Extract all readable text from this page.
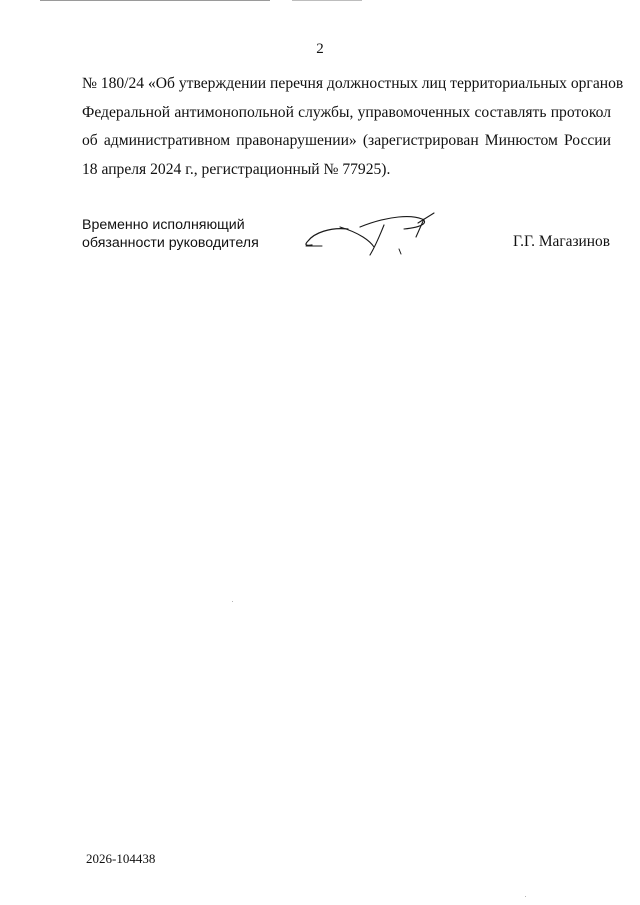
2
№ 180/24 «Об утверждении перечня должностных лиц территориальных органов
Федеральной антимонопольной службы, управомоченных составлять протокол
об административном правонарушении» (зарегистрирован Минюстом России
18 апреля 2024 г., регистрационный № 77925).
Временно исполняющий
обязанности руководителя	Г.Г. Магазинов
2026-104438
